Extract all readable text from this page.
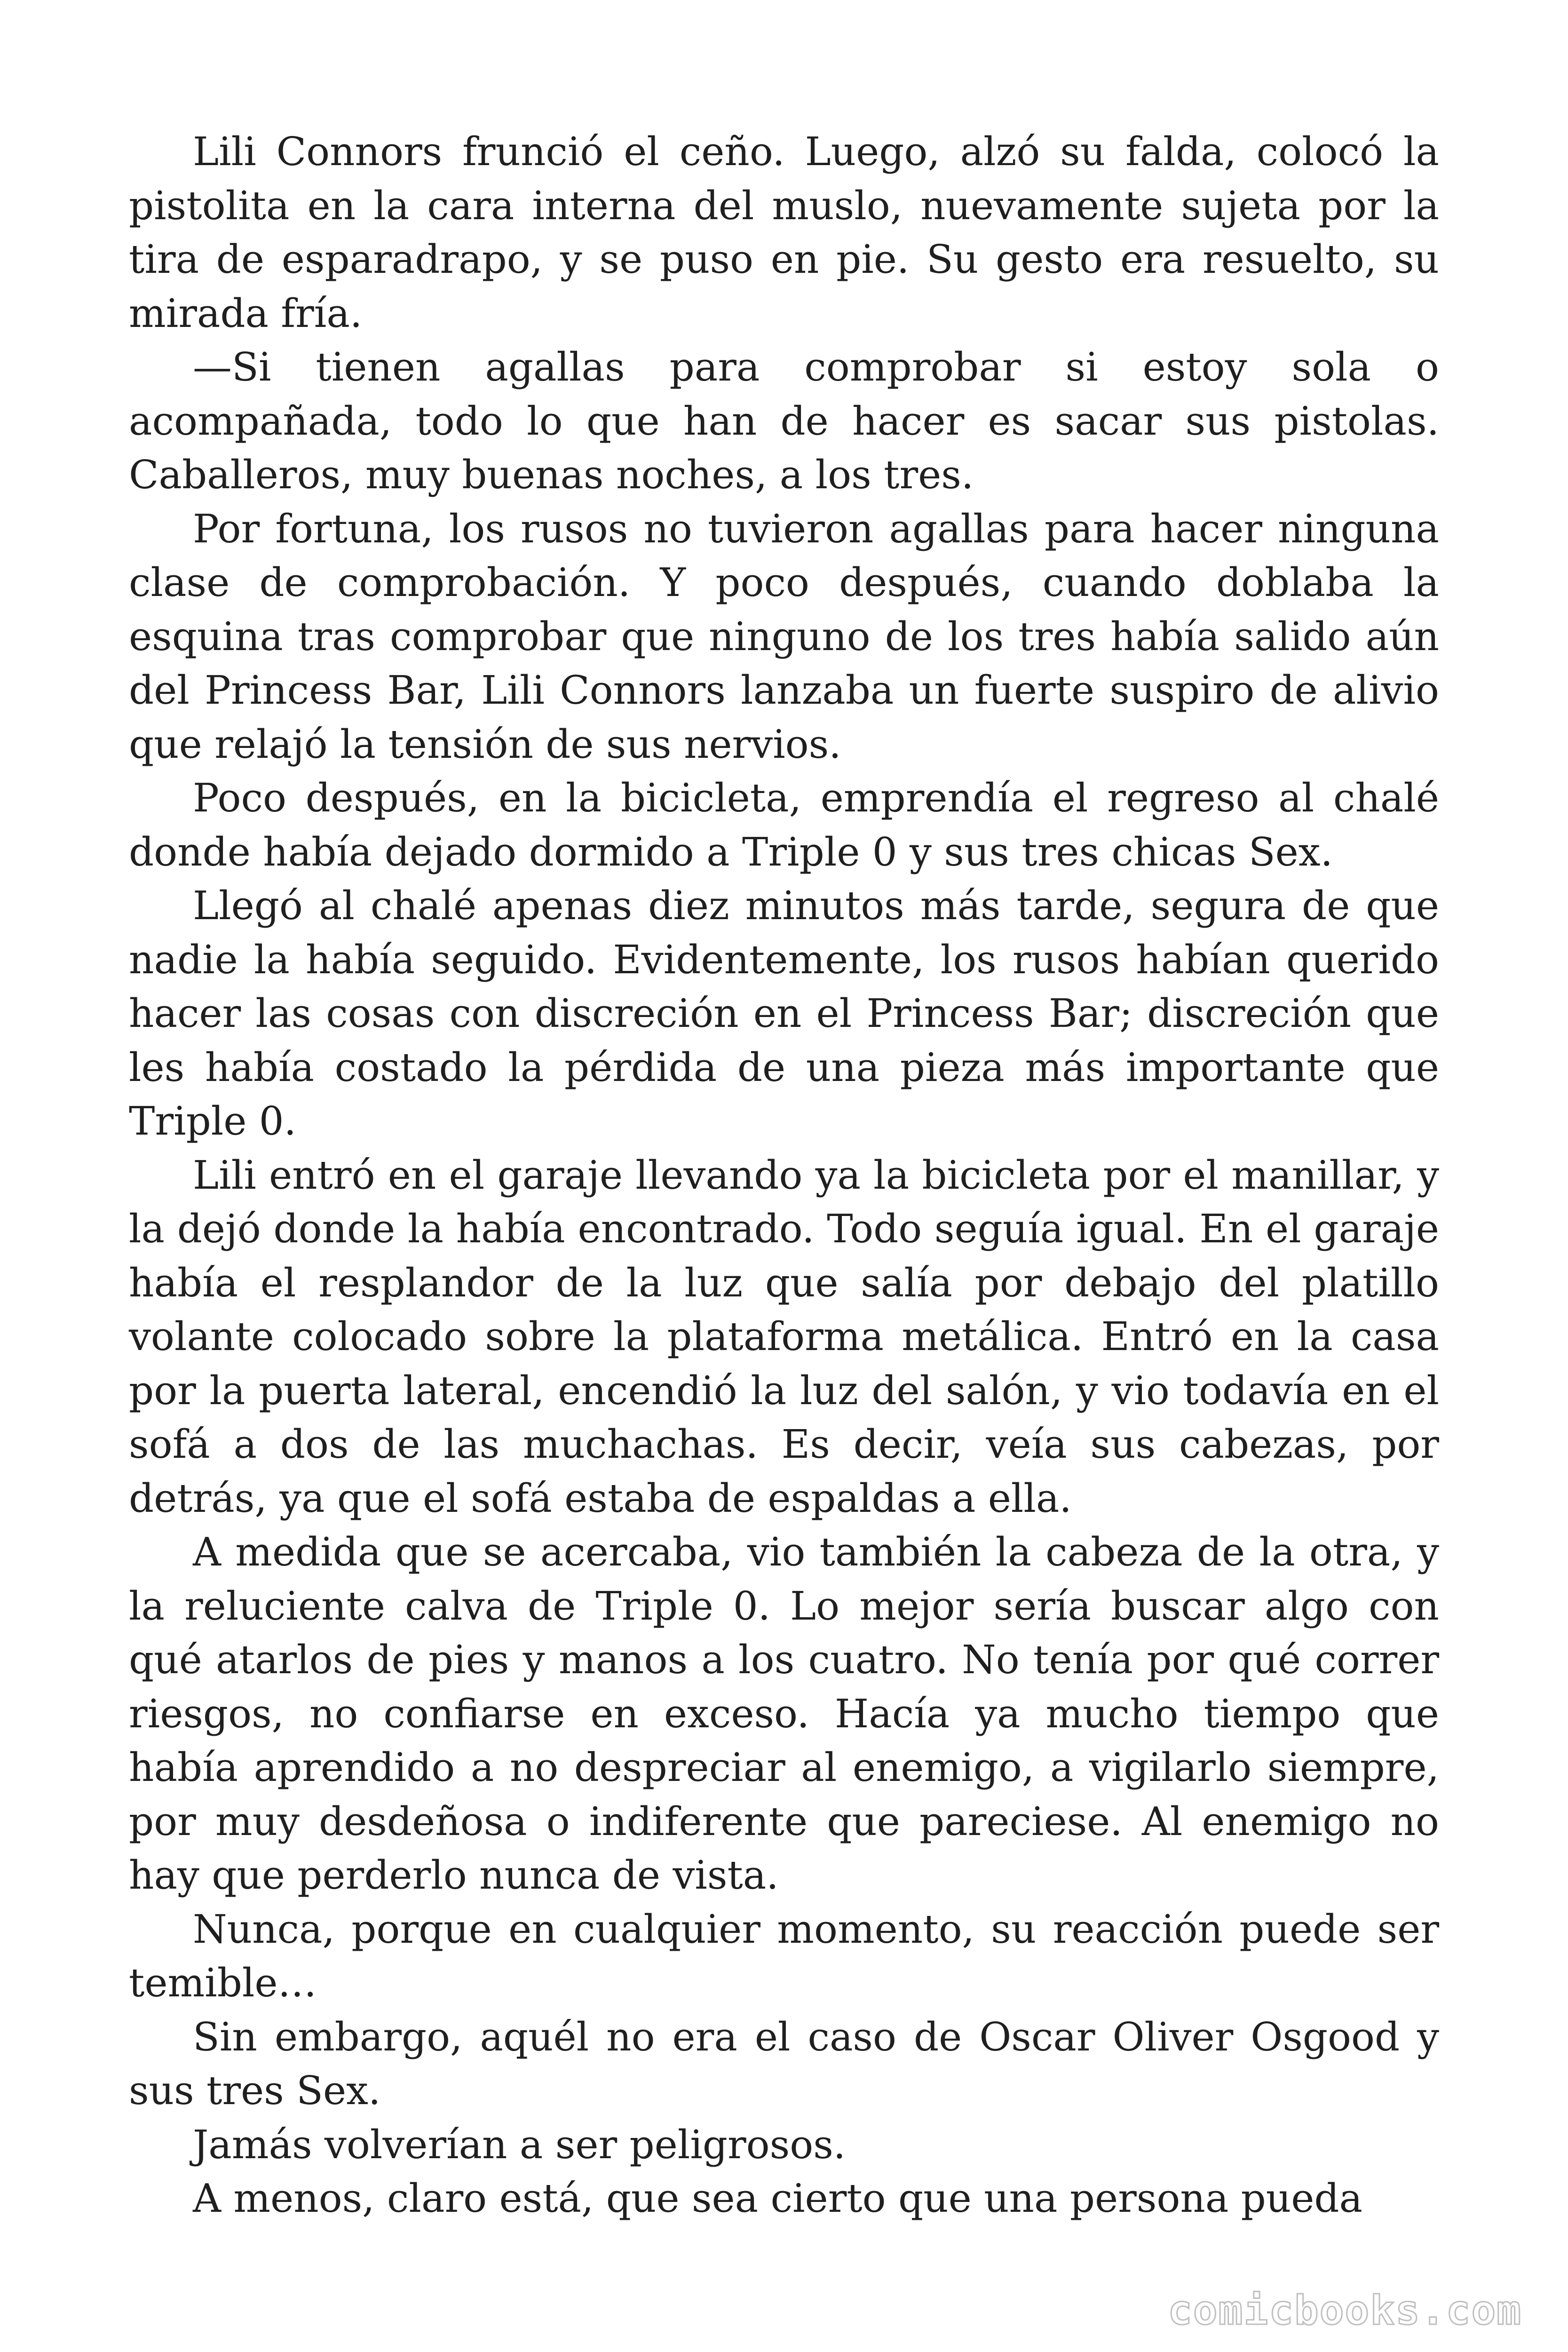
Lili Connors frunció el ceño. Luego, alzó su falda, colocó la pistolita en la cara interna del muslo, nuevamente sujeta por la tira de esparadrapo, y se puso en pie. Su gesto era resuelto, su mirada fría.

—Si tienen agallas para comprobar si estoy sola o acompañada, todo lo que han de hacer es sacar sus pistolas. Caballeros, muy buenas noches, a los tres.

Por fortuna, los rusos no tuvieron agallas para hacer ninguna clase de comprobación. Y poco después, cuando doblaba la esquina tras comprobar que ninguno de los tres había salido aún del Princess Bar, Lili Connors lanzaba un fuerte suspiro de alivio que relajó la tensión de sus nervios.

Poco después, en la bicicleta, emprendía el regreso al chalé donde había dejado dormido a Triple 0 y sus tres chicas Sex.

Llegó al chalé apenas diez minutos más tarde, segura de que nadie la había seguido. Evidentemente, los rusos habían querido hacer las cosas con discreción en el Princess Bar; discreción que les había costado la pérdida de una pieza más importante que Triple 0.

Lili entró en el garaje llevando ya la bicicleta por el manillar, y la dejó donde la había encontrado. Todo seguía igual. En el garaje había el resplandor de la luz que salía por debajo del platillo volante colocado sobre la plataforma metálica. Entró en la casa por la puerta lateral, encendió la luz del salón, y vio todavía en el sofá a dos de las muchachas. Es decir, veía sus cabezas, por detrás, ya que el sofá estaba de espaldas a ella.

A medida que se acercaba, vio también la cabeza de la otra, y la reluciente calva de Triple 0. Lo mejor sería buscar algo con qué atarlos de pies y manos a los cuatro. No tenía por qué correr riesgos, no confiarse en exceso. Hacía ya mucho tiempo que había aprendido a no despreciar al enemigo, a vigilarlo siempre, por muy desdeñosa o indiferente que pareciese. Al enemigo no hay que perderlo nunca de vista.

Nunca, porque en cualquier momento, su reacción puede ser temible…

Sin embargo, aquél no era el caso de Oscar Oliver Osgood y sus tres Sex.

Jamás volverían a ser peligrosos.

A menos, claro está, que sea cierto que una persona pueda

comicbooks.com
